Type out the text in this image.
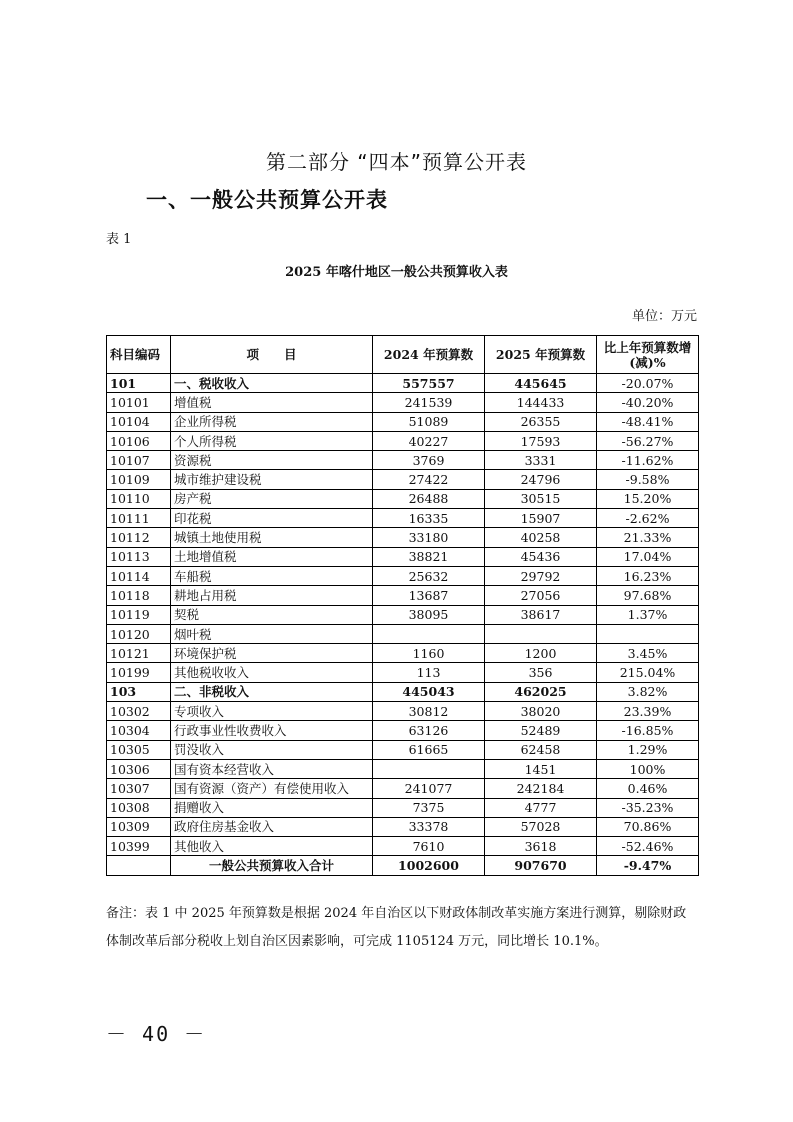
第二部分 “四本”预算公开表
一、一般公共预算公开表
表 1
2025 年喀什地区一般公共预算收入表
单位：万元
科目编码	项　　目	2024 年预算数	2025 年预算数	比上年预算数增(减)%
101	一、税收收入	557557	445645	-20.07%
10101	增值税	241539	144433	-40.20%
10104	企业所得税	51089	26355	-48.41%
10106	个人所得税	40227	17593	-56.27%
10107	资源税	3769	3331	-11.62%
10109	城市维护建设税	27422	24796	-9.58%
10110	房产税	26488	30515	15.20%
10111	印花税	16335	15907	-2.62%
10112	城镇土地使用税	33180	40258	21.33%
10113	土地增值税	38821	45436	17.04%
10114	车船税	25632	29792	16.23%
10118	耕地占用税	13687	27056	97.68%
10119	契税	38095	38617	1.37%
10120	烟叶税			
10121	环境保护税	1160	1200	3.45%
10199	其他税收收入	113	356	215.04%
103	二、非税收入	445043	462025	3.82%
10302	专项收入	30812	38020	23.39%
10304	行政事业性收费收入	63126	52489	-16.85%
10305	罚没收入	61665	62458	1.29%
10306	国有资本经营收入		1451	100%
10307	国有资源（资产）有偿使用收入	241077	242184	0.46%
10308	捐赠收入	7375	4777	-35.23%
10309	政府住房基金收入	33378	57028	70.86%
10399	其他收入	7610	3618	-52.46%
	一般公共预算收入合计	1002600	907670	-9.47%
备注：表 1 中 2025 年预算数是根据 2024 年自治区以下财政体制改革实施方案进行测算，剔除财政体制改革后部分税收上划自治区因素影响，可完成 1105124 万元，同比增长 10.1%。
－ 40 －
